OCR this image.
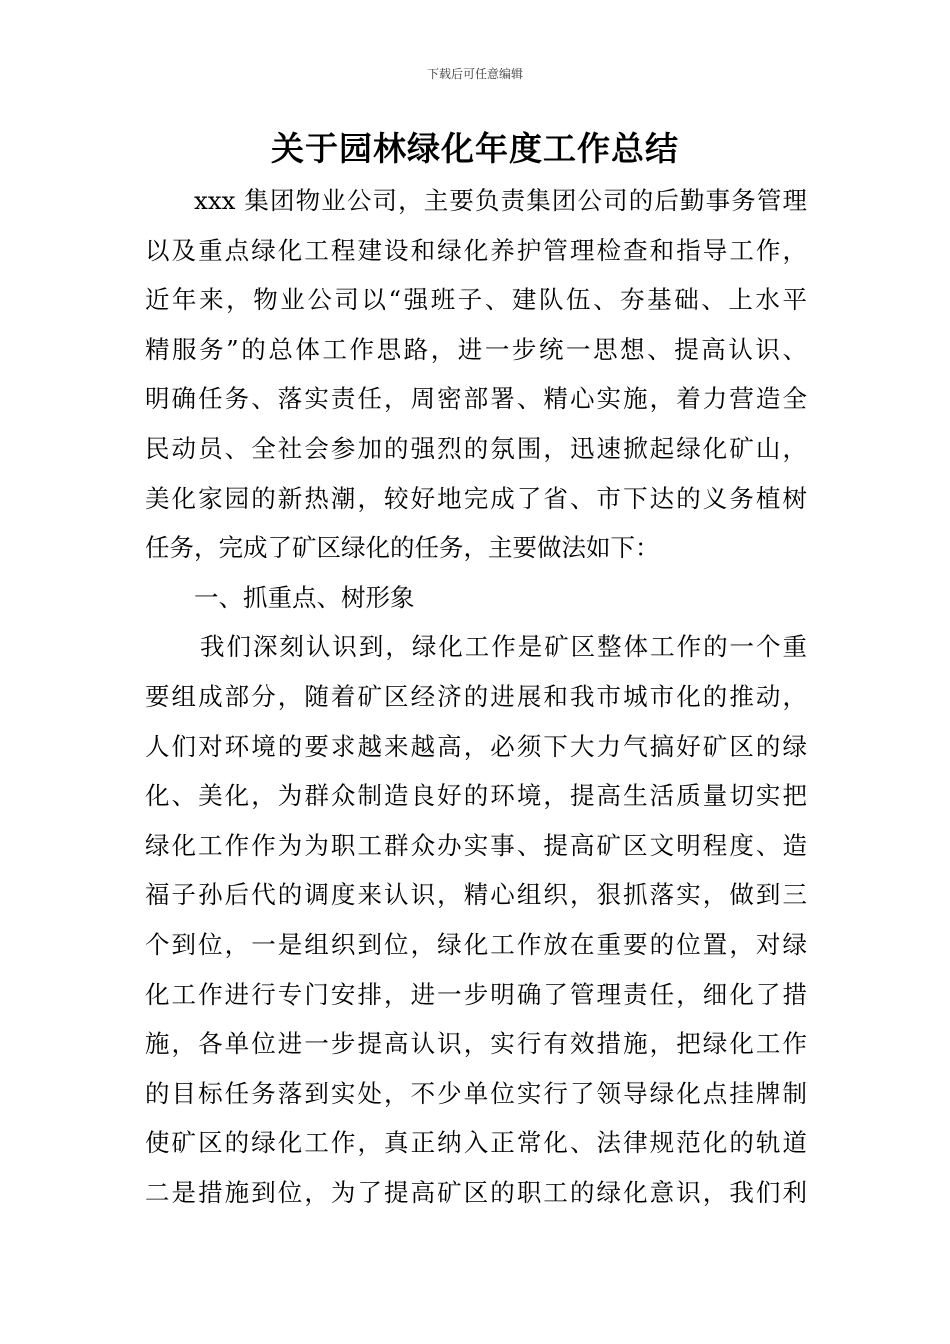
下载后可任意编辑
关于园林绿化年度工作总结
xxx 集团物业公司，主要负责集团公司的后勤事务管理
以及重点绿化工程建设和绿化养护管理检查和指导工作，
近年来，物业公司以“强班子、建队伍、夯基础、上水平
精服务”的总体工作思路，进一步统一思想、提高认识、
明确任务、落实责任，周密部署、精心实施，着力营造全
民动员、全社会参加的强烈的氛围，迅速掀起绿化矿山，
美化家园的新热潮，较好地完成了省、市下达的义务植树
任务，完成了矿区绿化的任务，主要做法如下：
一、抓重点、树形象
我们深刻认识到，绿化工作是矿区整体工作的一个重
要组成部分，随着矿区经济的进展和我市城市化的推动，
人们对环境的要求越来越高，必须下大力气搞好矿区的绿
化、美化，为群众制造良好的环境，提高生活质量切实把
绿化工作作为为职工群众办实事、提高矿区文明程度、造
福子孙后代的调度来认识，精心组织，狠抓落实，做到三
个到位，一是组织到位，绿化工作放在重要的位置，对绿
化工作进行专门安排，进一步明确了管理责任，细化了措
施，各单位进一步提高认识，实行有效措施，把绿化工作
的目标任务落到实处，不少单位实行了领导绿化点挂牌制
使矿区的绿化工作，真正纳入正常化、法律规范化的轨道
二是措施到位，为了提高矿区的职工的绿化意识，我们利
